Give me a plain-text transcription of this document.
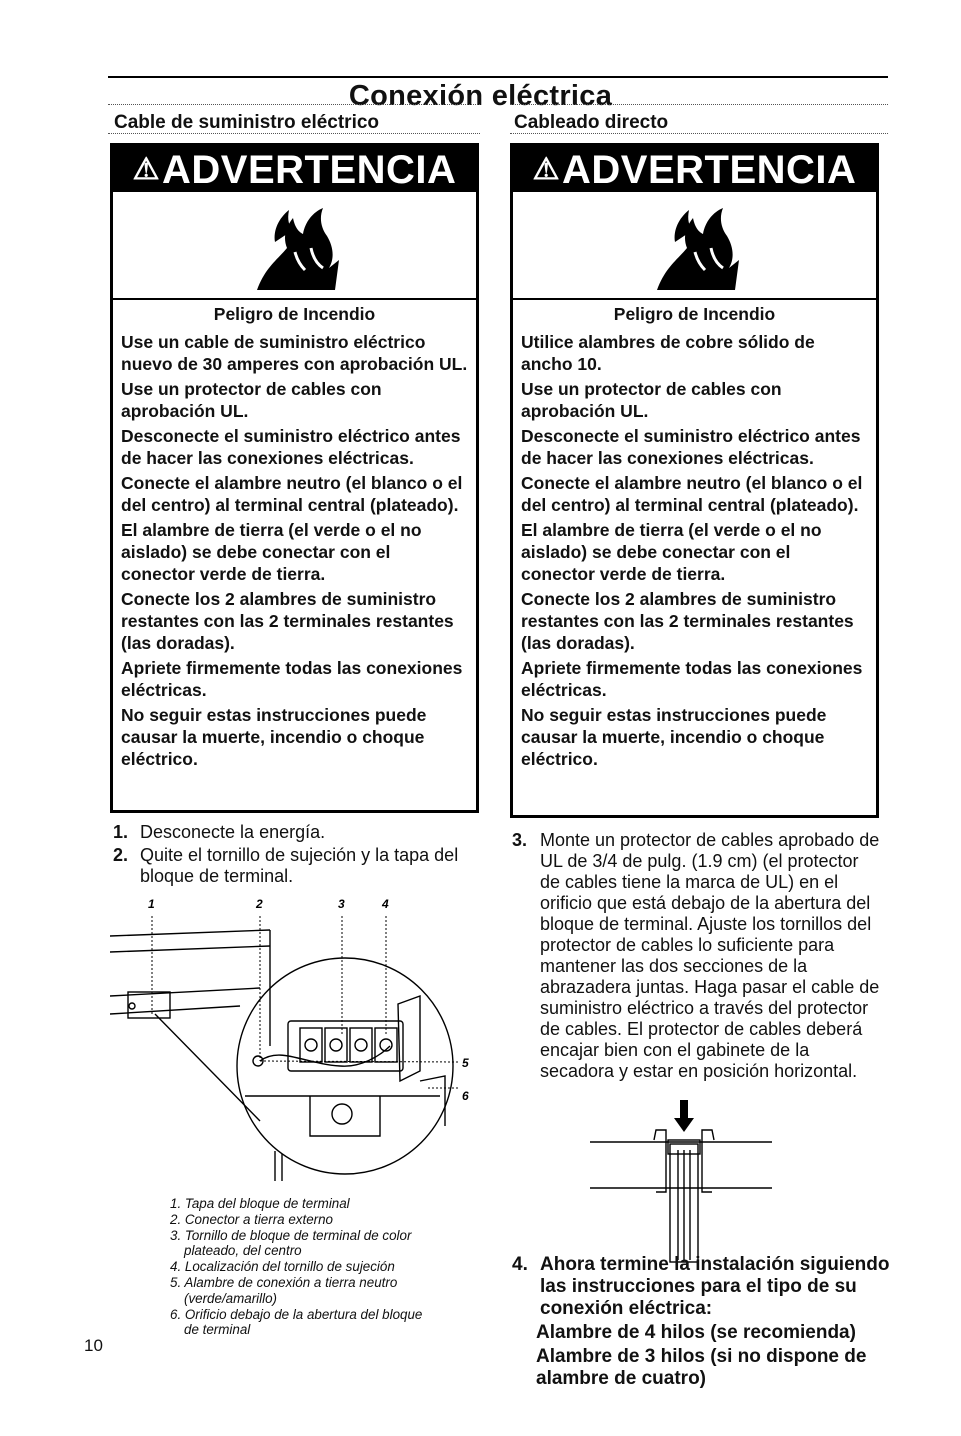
Conexión eléctrica
Cable de suministro eléctrico	Cableado directo
⚠ADVERTENCIA
Peligro de Incendio

Use un cable de suministro eléctrico nuevo de 30 amperes con aprobación UL.

Use un protector de cables con aprobación UL.

Desconecte el suministro eléctrico antes de hacer las conexiones eléctricas.

Conecte el alambre neutro (el blanco o el del centro) al terminal central (plateado).

El alambre de tierra (el verde o el no aislado) se debe conectar con el conector verde de tierra.

Conecte los 2 alambres de suministro restantes con las 2 terminales restantes (las doradas).

Apriete firmemente todas las conexiones eléctricas.

No seguir estas instrucciones puede causar la muerte, incendio o choque eléctrico.

⚠ADVERTENCIA
Peligro de Incendio

Utilice alambres de cobre sólido de ancho 10.

Use un protector de cables con aprobación UL.

Desconecte el suministro eléctrico antes de hacer las conexiones eléctricas.

Conecte el alambre neutro (el blanco o el del centro) al terminal central (plateado).

El alambre de tierra (el verde o el no aislado) se debe conectar con el conector verde de tierra.

Conecte los 2 alambres de suministro restantes con las 2 terminales restantes (las doradas).

Apriete firmemente todas las conexiones eléctricas.

No seguir estas instrucciones puede causar la muerte, incendio o choque eléctrico.

1. Desconecte la energía.
2. Quite el tornillo de sujeción y la tapa del bloque de terminal.
1	2	3	4
5
6
1. Tapa del bloque de terminal
2. Conector a tierra externo
3. Tornillo de bloque de terminal de color
plateado, del centro
4. Localización del tornillo de sujeción
5. Alambre de conexión a tierra neutro
(verde/amarillo)
6. Orificio debajo de la abertura del bloque
de terminal
10
3. Monte un protector de cables aprobado de UL de 3/4 de pulg. (1.9 cm) (el protector de cables tiene la marca de UL) en el orificio que está debajo de la abertura del bloque de terminal. Ajuste los tornillos del protector de cables lo suficiente para mantener las dos secciones de la abrazadera juntas. Haga pasar el cable de suministro eléctrico a través del protector de cables. El protector de cables deberá encajar bien con el gabinete de la secadora y estar en posición horizontal.
4. Ahora termine la instalación siguiendo las instrucciones para el tipo de su conexión eléctrica:
Alambre de 4 hilos (se recomienda)
Alambre de 3 hilos (si no dispone de alambre de cuatro)
